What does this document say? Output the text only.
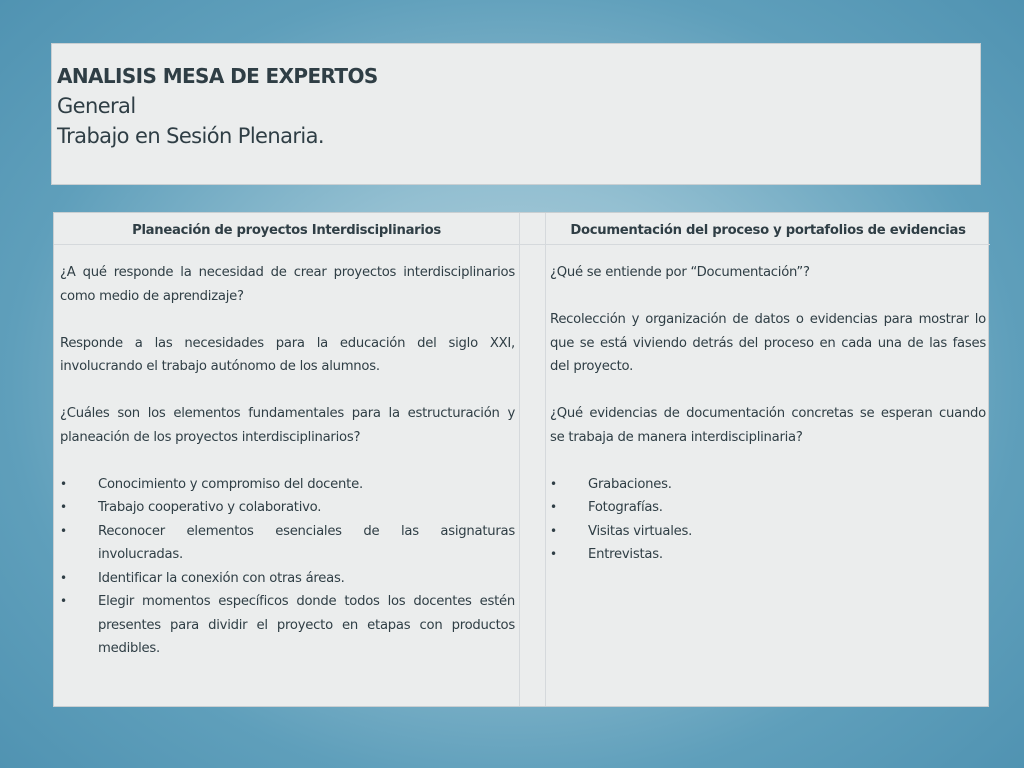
ANALISIS MESA DE EXPERTOS
General
Trabajo en Sesión Plenaria.
Planeación de proyectos Interdisciplinarios

¿A qué responde la necesidad de crear proyectos interdisciplinarios como medio de aprendizaje?

Responde a las necesidades para la educación del siglo XXI, involucrando el trabajo autónomo de los alumnos.

¿Cuáles son los elementos fundamentales para la estructuración y planeación de los proyectos interdisciplinarios?

• Conocimiento y compromiso del docente.
• Trabajo cooperativo y colaborativo.
• Reconocer elementos esenciales de las asignaturas involucradas.
• Identificar la conexión con otras áreas.
• Elegir momentos específicos donde todos los docentes estén presentes para dividir el proyecto en etapas con productos medibles.
Documentación del proceso y portafolios de evidencias

¿Qué se entiende por “Documentación”?

Recolección y organización de datos o evidencias para mostrar lo que se está viviendo detrás del proceso en cada una de las fases del proyecto.

¿Qué evidencias de documentación concretas se esperan cuando se trabaja de manera interdisciplinaria?

• Grabaciones.
• Fotografías.
• Visitas virtuales.
• Entrevistas.
